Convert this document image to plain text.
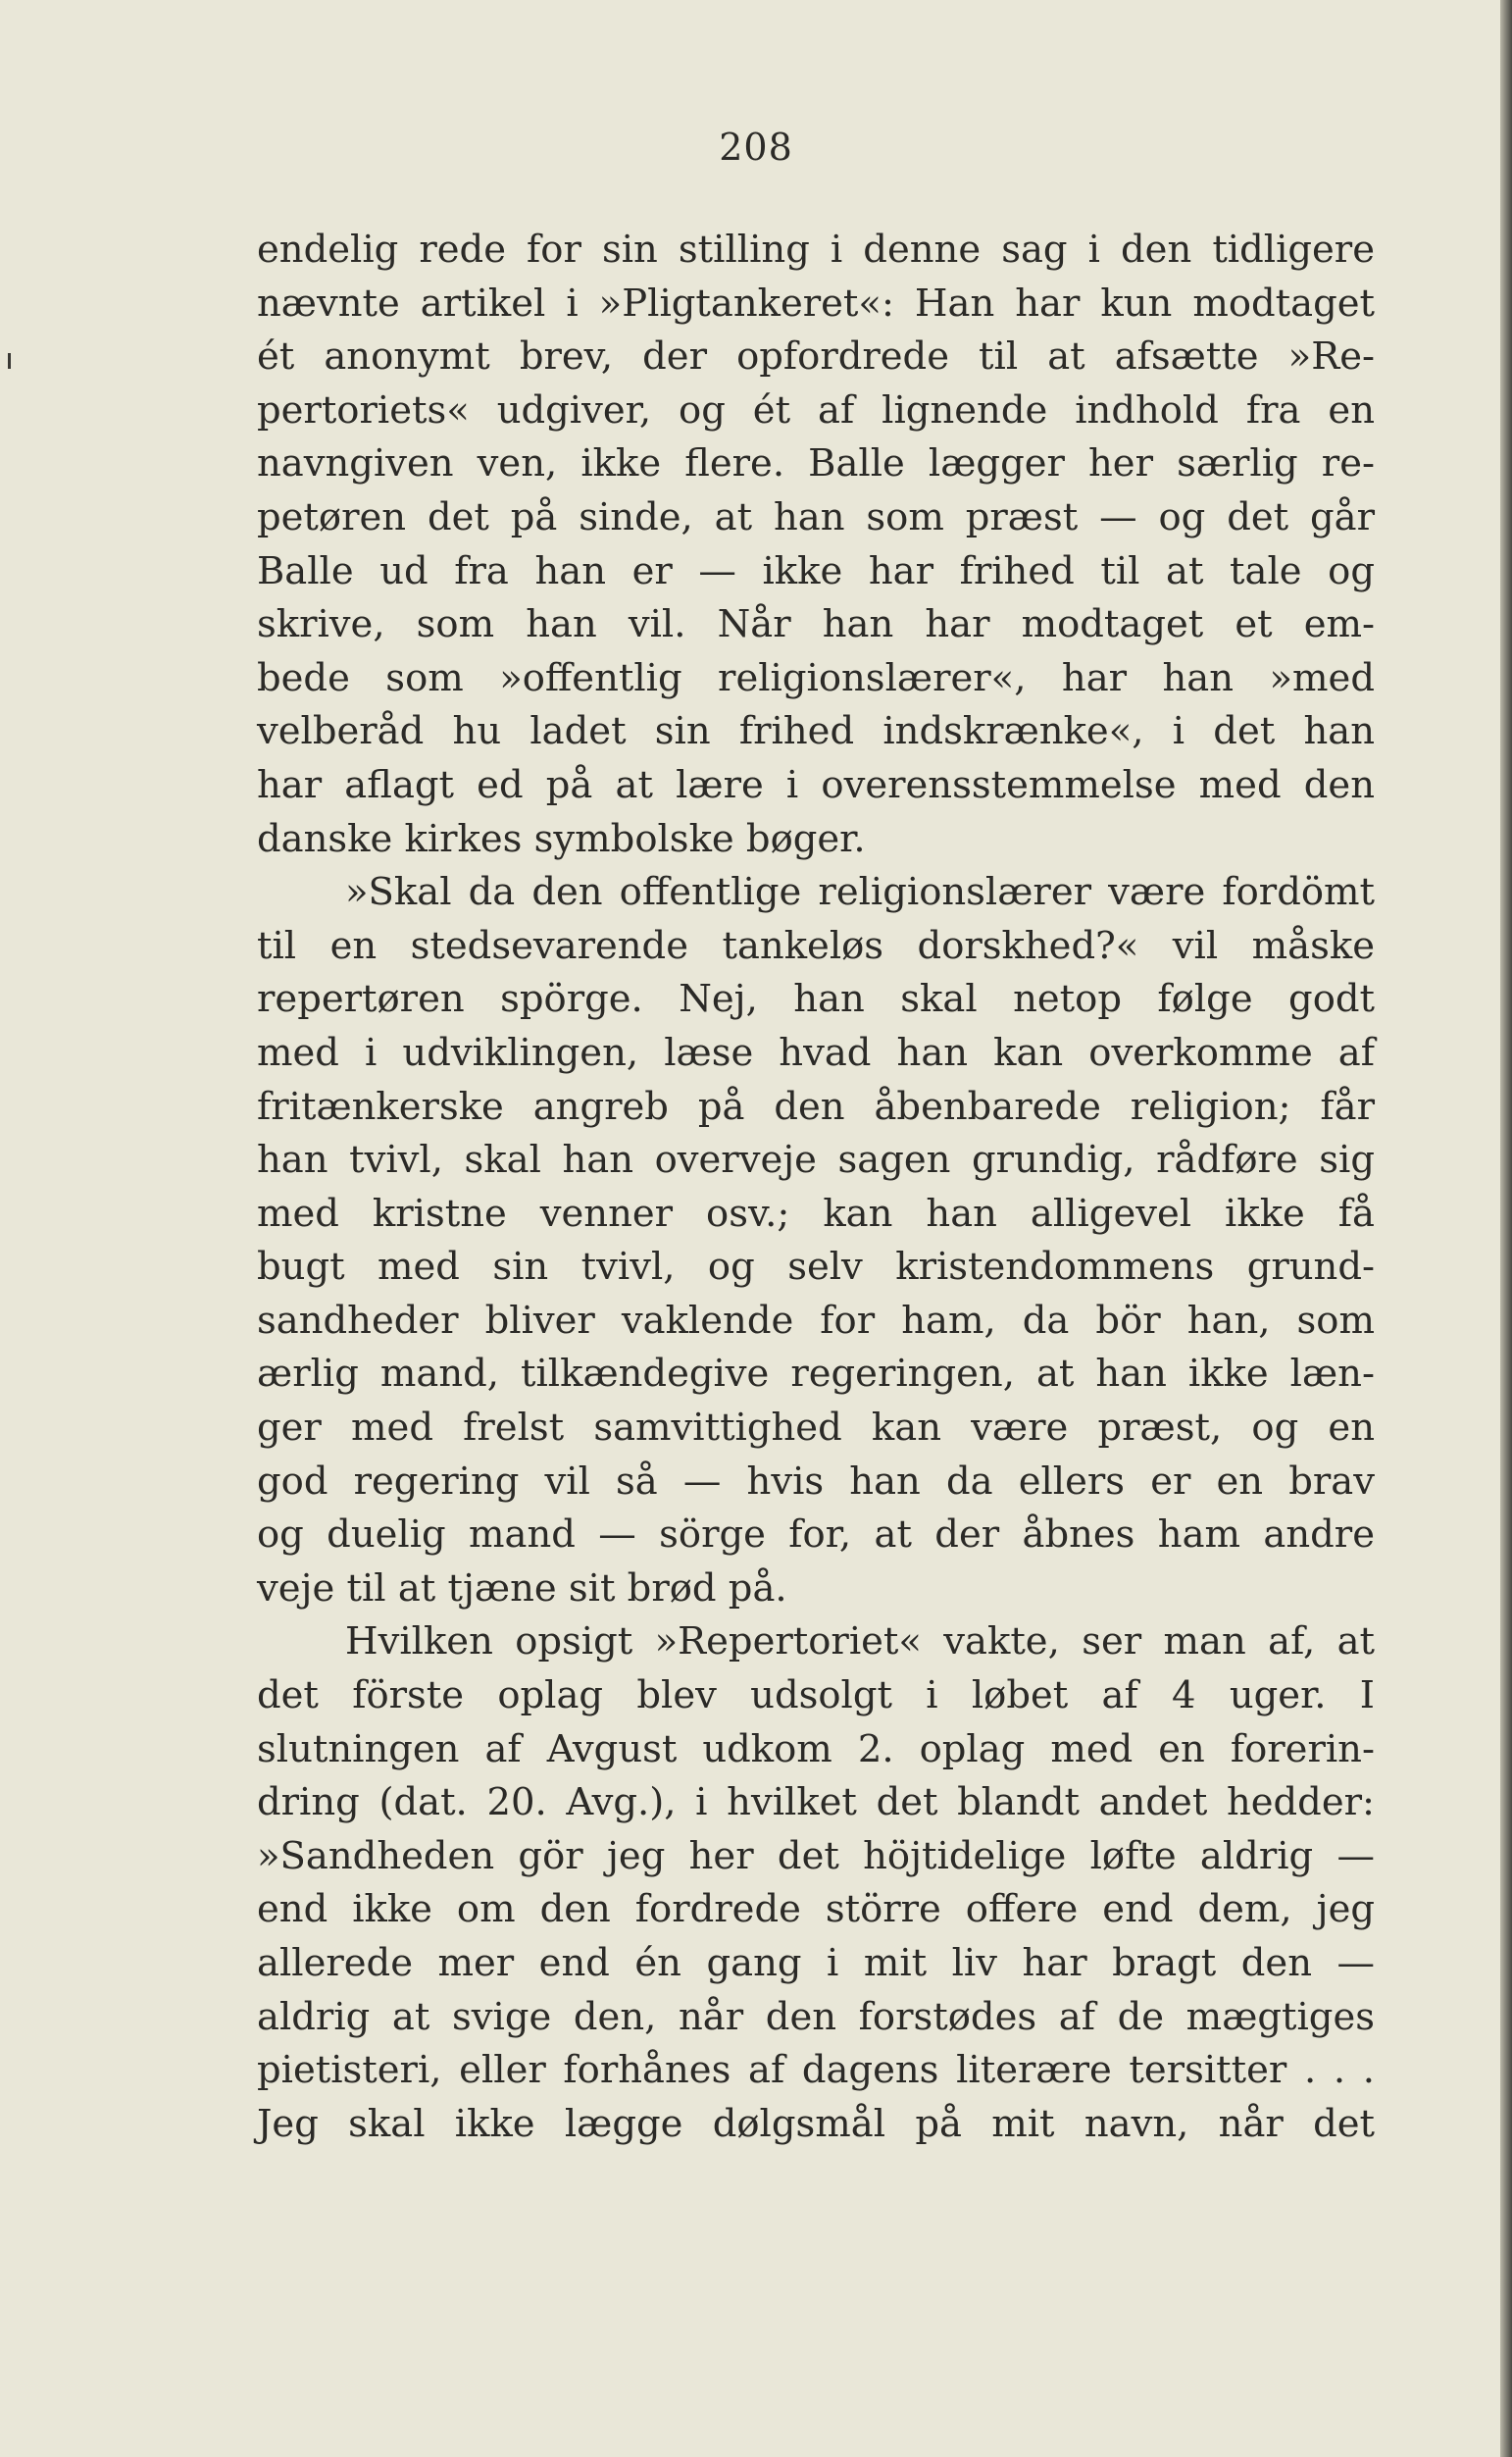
208
endelig rede for sin stilling i denne sag i den tidligere
nævnte artikel i »Pligtankeret«: Han har kun modtaget
ét anonymt brev, der opfordrede til at afsætte »Re-
pertoriets« udgiver, og ét af lignende indhold fra en
navngiven ven, ikke flere. Balle lægger her særlig re-
petøren det på sinde, at han som præst — og det går
Balle ud fra han er — ikke har frihed til at tale og
skrive, som han vil. Når han har modtaget et em-
bede som »offentlig religionslærer«, har han »med
velberåd hu ladet sin frihed indskrænke«, i det han
har aflagt ed på at lære i overensstemmelse med den
danske kirkes symbolske bøger.
»Skal da den offentlige religionslærer være fordömt
til en stedsevarende tankeløs dorskhed?« vil måske
repertøren spörge. Nej, han skal netop følge godt
med i udviklingen, læse hvad han kan overkomme af
fritænkerske angreb på den åbenbarede religion; får
han tvivl, skal han overveje sagen grundig, rådføre sig
med kristne venner osv.; kan han alligevel ikke få
bugt med sin tvivl, og selv kristendommens grund-
sandheder bliver vaklende for ham, da bör han, som
ærlig mand, tilkændegive regeringen, at han ikke læn-
ger med frelst samvittighed kan være præst, og en
god regering vil så — hvis han da ellers er en brav
og duelig mand — sörge for, at der åbnes ham andre
veje til at tjæne sit brød på.
Hvilken opsigt »Repertoriet« vakte, ser man af, at
det förste oplag blev udsolgt i løbet af 4 uger. I
slutningen af Avgust udkom 2. oplag med en forerin-
dring (dat. 20. Avg.), i hvilket det blandt andet hedder:
»Sandheden gör jeg her det höjtidelige løfte aldrig —
end ikke om den fordrede större offere end dem, jeg
allerede mer end én gang i mit liv har bragt den —
aldrig at svige den, når den forstødes af de mægtiges
pietisteri, eller forhånes af dagens literære tersitter . . .
Jeg skal ikke lægge dølgsmål på mit navn, når det
